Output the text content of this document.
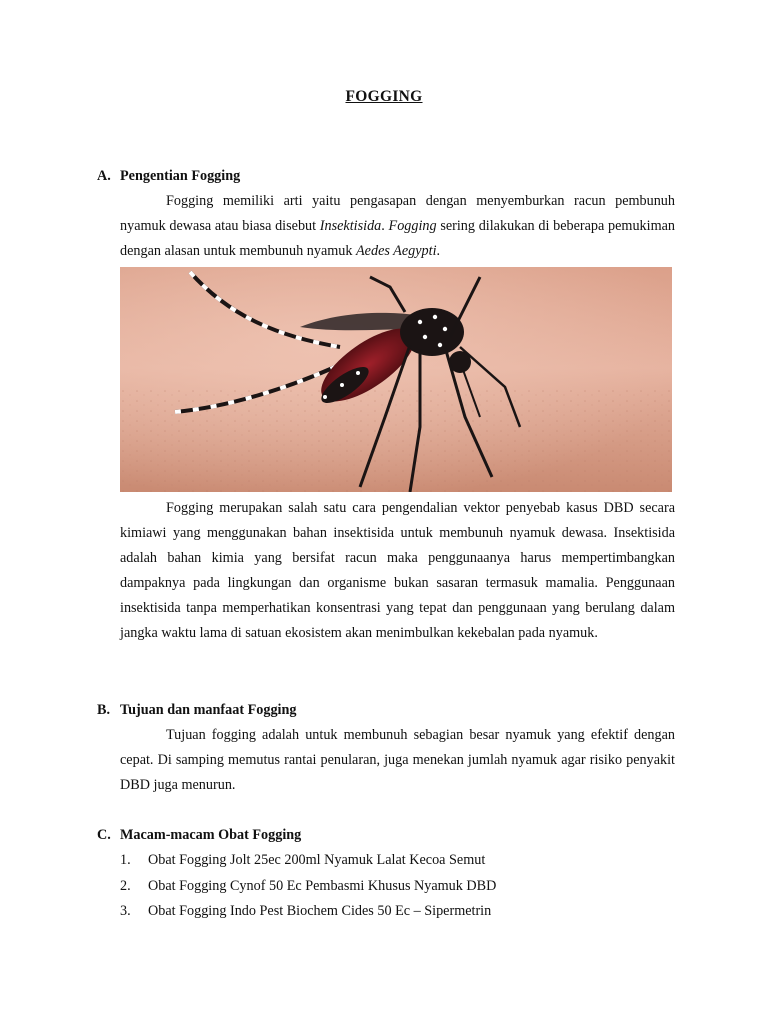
FOGGING
A. Pengentian Fogging

Fogging memiliki arti yaitu pengasapan dengan menyemburkan racun pembunuh nyamuk dewasa atau biasa disebut Insektisida. Fogging sering dilakukan di beberapa pemukiman dengan alasan untuk membunuh nyamuk Aedes Aegypti.

Fogging merupakan salah satu cara pengendalian vektor penyebab kasus DBD secara kimiawi yang menggunakan bahan insektisida untuk membunuh nyamuk dewasa. Insektisida adalah bahan kimia yang bersifat racun maka penggunaanya harus mempertimbangkan dampaknya pada lingkungan dan organisme bukan sasaran termasuk mamalia. Penggunaan insektisida tanpa memperhatikan konsentrasi yang tepat dan penggunaan yang berulang dalam jangka waktu lama di satuan ekosistem akan menimbulkan kekebalan pada nyamuk.

B. Tujuan dan manfaat Fogging

Tujuan fogging adalah untuk membunuh sebagian besar nyamuk yang efektif dengan cepat. Di samping memutus rantai penularan, juga menekan jumlah nyamuk agar risiko penyakit DBD juga menurun.

C. Macam-macam Obat Fogging
1.	Obat Fogging Jolt 25ec 200ml Nyamuk Lalat Kecoa Semut
2.	Obat Fogging Cynof 50 Ec Pembasmi Khusus Nyamuk DBD
3.	Obat Fogging Indo Pest Biochem Cides 50 Ec – Sipermetrin
